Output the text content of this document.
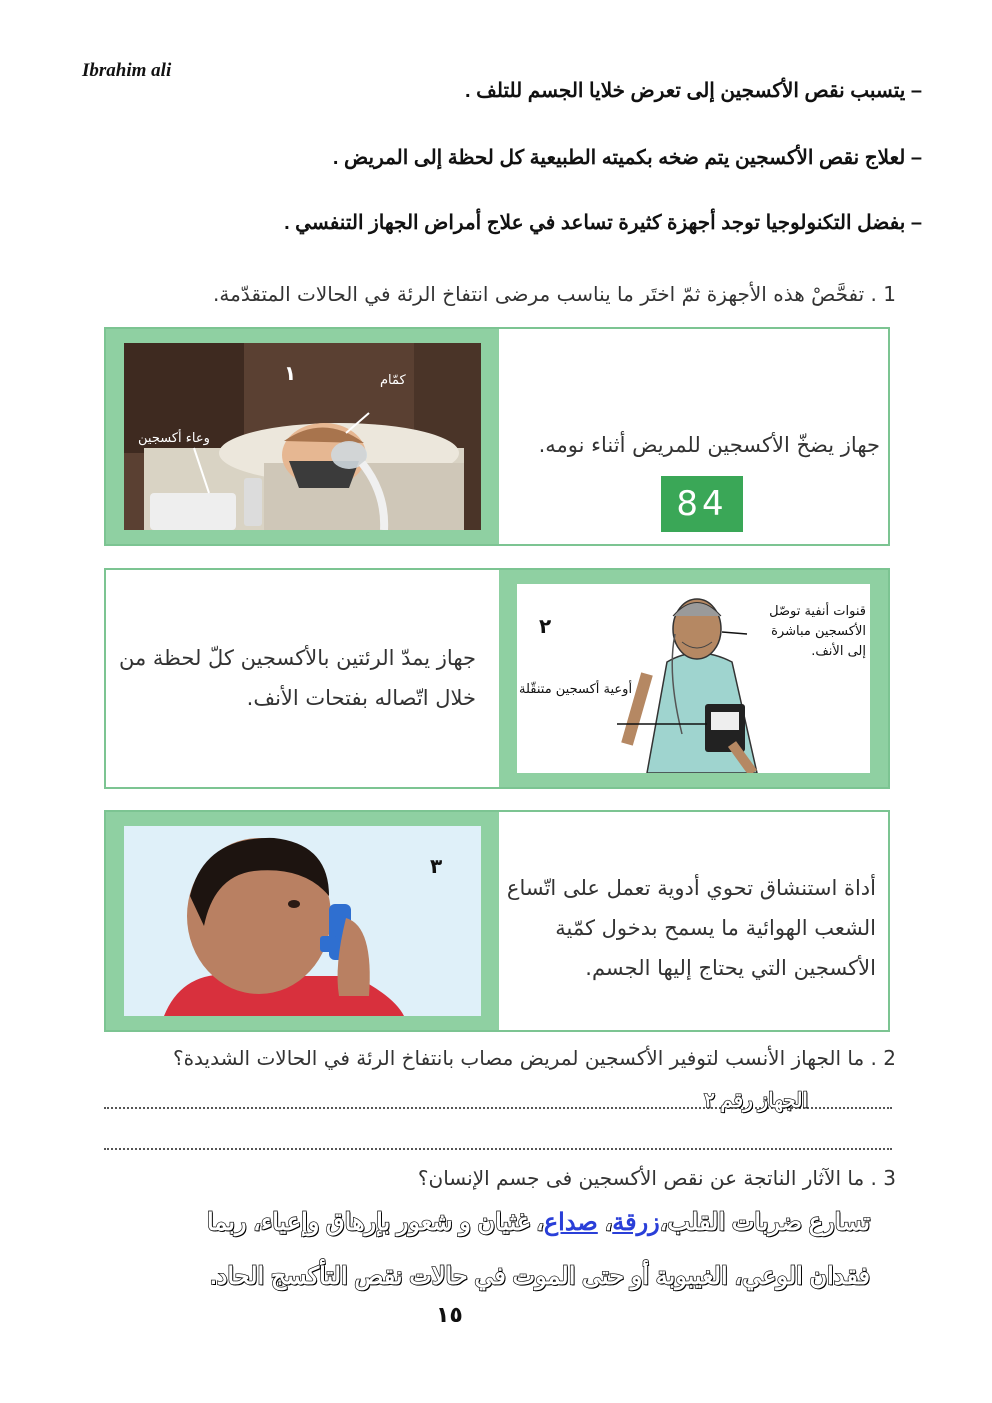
Ibrahim ali
– يتسبب نقص الأكسجين إلى تعرض خلايا الجسم للتلف .
– لعلاج نقص الأكسجين يتم ضخه بكميته الطبيعية كل لحظة إلى المريض .
– بفضل التكنولوجيا توجد أجهزة كثيرة تساعد في علاج أمراض الجهاز التنفسي .
1 . تفحَّصْ هذه الأجهزة ثمّ اختَر ما يناسب مرضى انتفاخ الرئة في الحالات المتقدّمة.
كمّام
وعاء أكسجين
١
جهاز يضخّ الأكسجين للمريض أثناء نومه.
84
قنوات أنفية توصّل
الأكسجين مباشرة
إلى الأنف.
أوعية أكسجين متنقّلة
٢
جهاز يمدّ الرئتين بالأكسجين كلّ لحظة من
خلال اتّصاله بفتحات الأنف.
٣
أداة استنشاق تحوي أدوية تعمل على اتّساع
الشعب الهوائية ما يسمح بدخول كمّية
الأكسجين التي يحتاج إليها الجسم.
2 . ما الجهاز الأنسب لتوفير الأكسجين لمريض مصاب بانتفاخ الرئة في الحالات الشديدة؟
الجهاز رقم ٢
3 . ما الآثار الناتجة عن نقص الأكسجين فى جسم الإنسان؟
تسارع ضربات القلب،زرقة، صداع، غثيان و شعور بإرهاق وإعياء، ربما
فقدان الوعي، الغيبوبة أو حتى الموت في حالات نقص التأكسج الحاد.
١٥
